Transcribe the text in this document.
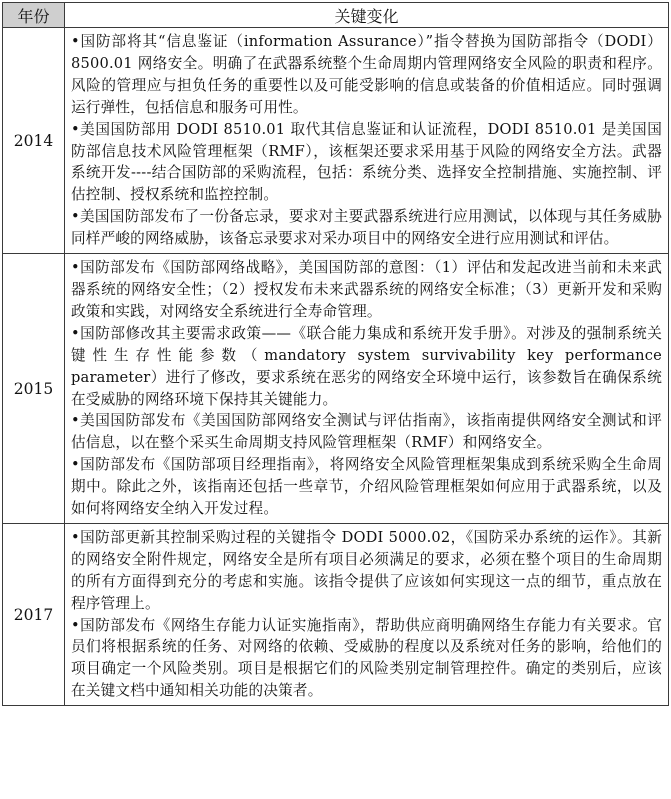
年份	关键变化
2014	•国防部将其“信息鉴证（information Assurance）”指令替换为国防部指令（DODI）8500.01 网络安全。明确了在武器系统整个生命周期内管理网络安全风险的职责和程序。风险的管理应与担负任务的重要性以及可能受影响的信息或装备的价值相适应。同时强调运行弹性，包括信息和服务可用性。
•美国国防部用 DODI 8510.01 取代其信息鉴证和认证流程，DODI 8510.01 是美国国防部信息技术风险管理框架（RMF），该框架还要求采用基于风险的网络安全方法。武器系统开发----结合国防部的采购流程，包括：系统分类、选择安全控制措施、实施控制、评估控制、授权系统和监控控制。
•美国国防部发布了一份备忘录，要求对主要武器系统进行应用测试，以体现与其任务威胁同样严峻的网络威胁，该备忘录要求对采办项目中的网络安全进行应用测试和评估。

2015	•国防部发布《国防部网络战略》，美国国防部的意图：（1）评估和发起改进当前和未来武器系统的网络安全性；（2）授权发布未来武器系统的网络安全标准；（3）更新开发和采购政策和实践，对网络安全系统进行全寿命管理。
•国防部修改其主要需求政策——《联合能力集成和系统开发手册》。对涉及的强制系统关键性生存性能参数（mandatory system survivability key performance parameter）进行了修改，要求系统在恶劣的网络安全环境中运行，该参数旨在确保系统在受威胁的网络环境下保持其关键能力。
•美国国防部发布《美国国防部网络安全测试与评估指南》，该指南提供网络安全测试和评估信息，以在整个采买生命周期支持风险管理框架（RMF）和网络安全。
•国防部发布《国防部项目经理指南》，将网络安全风险管理框架集成到系统采购全生命周期中。除此之外，该指南还包括一些章节，介绍风险管理框架如何应用于武器系统，以及如何将网络安全纳入开发过程。

2017	•国防部更新其控制采购过程的关键指令 DODI 5000.02，《国防采办系统的运作》。其新的网络安全附件规定，网络安全是所有项目必须满足的要求，必须在整个项目的生命周期的所有方面得到充分的考虑和实施。该指令提供了应该如何实现这一点的细节，重点放在程序管理上。
•国防部发布《网络生存能力认证实施指南》，帮助供应商明确网络生存能力有关要求。官员们将根据系统的任务、对网络的依赖、受威胁的程度以及系统对任务的影响，给他们的项目确定一个风险类别。项目是根据它们的风险类别定制管理控件。确定的类别后，应该在关键文档中通知相关功能的决策者。
